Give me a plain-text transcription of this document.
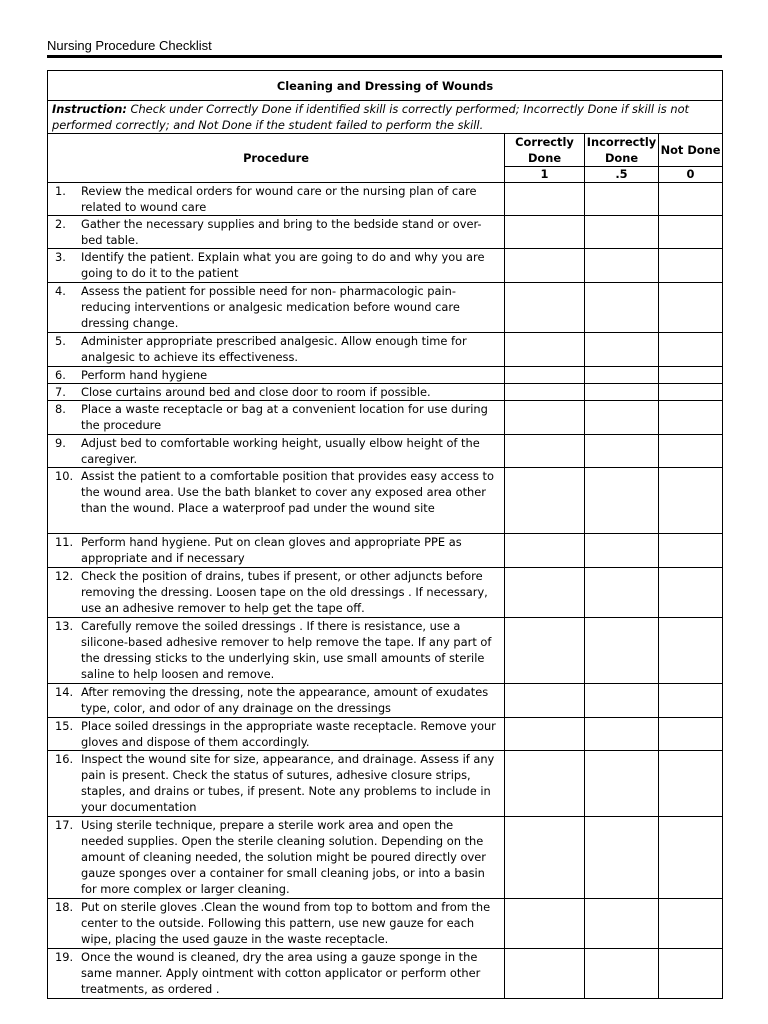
Nursing Procedure Checklist
Cleaning and Dressing of Wounds			
Instruction: Check under Correctly Done if identified skill is correctly performed; Incorrectly Done if skill is not performed correctly; and Not Done if the student failed to perform the skill.			
Procedure	Correctly Done	Incorrectly Done	Not Done
	1	.5	0

1. Review the medical orders for wound care or the nursing plan of care related to wound care			

2. Gather the necessary supplies and bring to the bedside stand or over-bed table.			

3. Identify the patient. Explain what you are going to do and why you are going to do it to the patient			

4. Assess the patient for possible need for non- pharmacologic pain-reducing interventions or analgesic medication before wound care dressing change.			

5. Administer appropriate prescribed analgesic. Allow enough time for analgesic to achieve its effectiveness.			

6. Perform hand hygiene			

7. Close curtains around bed and close door to room if possible.			

8. Place a waste receptacle or bag at a convenient location for use during the procedure			

9. Adjust bed to comfortable working height, usually elbow height of the caregiver.			

10. Assist the patient to a comfortable position that provides easy access to the wound area. Use the bath blanket to cover any exposed area other than the wound. Place a waterproof pad under the wound site			

11. Perform hand hygiene. Put on clean gloves and appropriate PPE as appropriate and if necessary			

12. Check the position of drains, tubes if present, or other adjuncts before removing the dressing. Loosen tape on the old dressings . If necessary, use an adhesive remover to help get the tape off.			

13. Carefully remove the soiled dressings . If there is resistance, use a silicone-based adhesive remover to help remove the tape. If any part of the dressing sticks to the underlying skin, use small amounts of sterile saline to help loosen and remove.			

14. After removing the dressing, note the appearance, amount of exudates type, color, and odor of any drainage on the dressings			

15. Place soiled dressings in the appropriate waste receptacle. Remove your gloves and dispose of them accordingly.			

16. Inspect the wound site for size, appearance, and drainage. Assess if any pain is present. Check the status of sutures, adhesive closure strips, staples, and drains or tubes, if present. Note any problems to include in your documentation			

17. Using sterile technique, prepare a sterile work area and open the needed supplies. Open the sterile cleaning solution. Depending on the amount of cleaning needed, the solution might be poured directly over gauze sponges over a container for small cleaning jobs, or into a basin for more complex or larger cleaning.			

18. Put on sterile gloves .Clean the wound from top to bottom and from the center to the outside. Following this pattern, use new gauze for each wipe, placing the used gauze in the waste receptacle.			

19. Once the wound is cleaned, dry the area using a gauze sponge in the same manner. Apply ointment with cotton applicator or perform other treatments, as ordered .			
